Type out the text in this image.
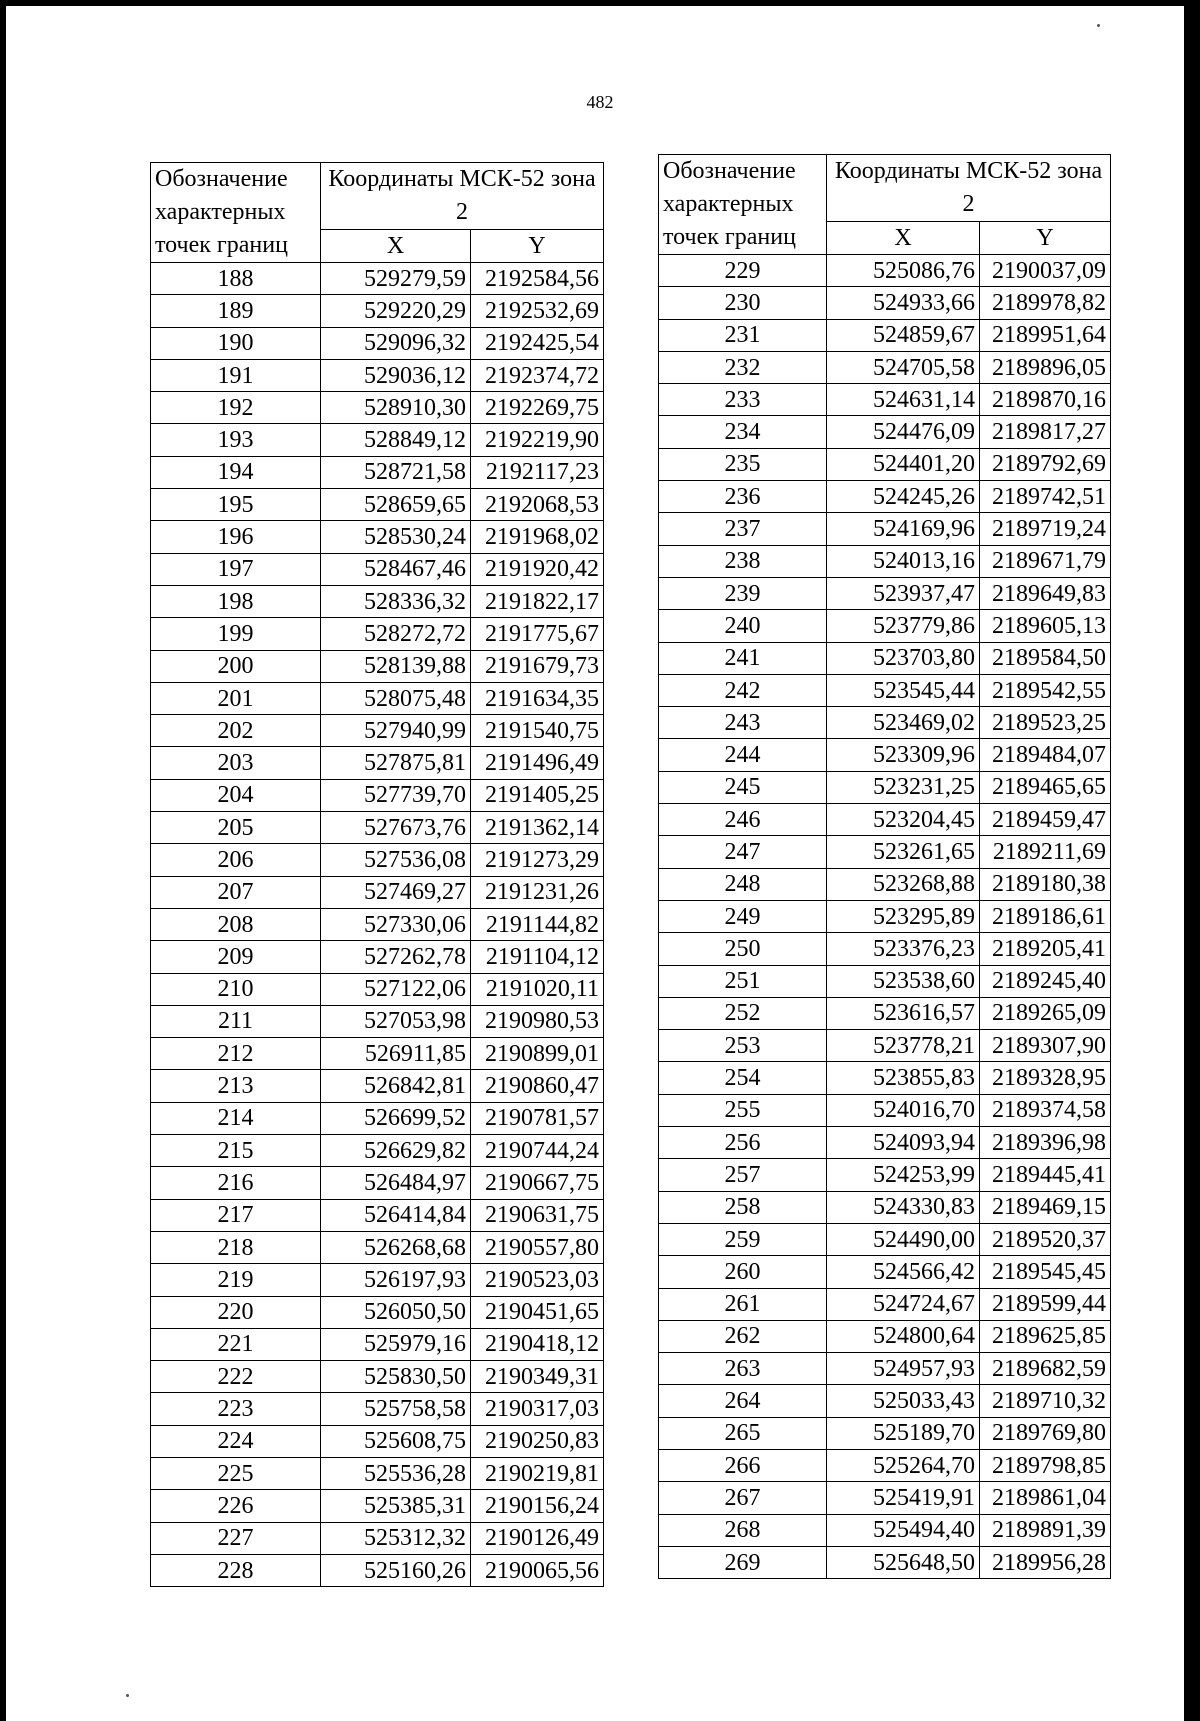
482
Обозначение характерных точек границ	Координаты МСК-52 зона 2	
	X	Y
188	529279,59	2192584,56
189	529220,29	2192532,69
190	529096,32	2192425,54
191	529036,12	2192374,72
192	528910,30	2192269,75
193	528849,12	2192219,90
194	528721,58	2192117,23
195	528659,65	2192068,53
196	528530,24	2191968,02
197	528467,46	2191920,42
198	528336,32	2191822,17
199	528272,72	2191775,67
200	528139,88	2191679,73
201	528075,48	2191634,35
202	527940,99	2191540,75
203	527875,81	2191496,49
204	527739,70	2191405,25
205	527673,76	2191362,14
206	527536,08	2191273,29
207	527469,27	2191231,26
208	527330,06	2191144,82
209	527262,78	2191104,12
210	527122,06	2191020,11
211	527053,98	2190980,53
212	526911,85	2190899,01
213	526842,81	2190860,47
214	526699,52	2190781,57
215	526629,82	2190744,24
216	526484,97	2190667,75
217	526414,84	2190631,75
218	526268,68	2190557,80
219	526197,93	2190523,03
220	526050,50	2190451,65
221	525979,16	2190418,12
222	525830,50	2190349,31
223	525758,58	2190317,03
224	525608,75	2190250,83
225	525536,28	2190219,81
226	525385,31	2190156,24
227	525312,32	2190126,49
228	525160,26	2190065,56
Обозначение характерных точек границ	Координаты МСК-52 зона 2	
	X	Y
229	525086,76	2190037,09
230	524933,66	2189978,82
231	524859,67	2189951,64
232	524705,58	2189896,05
233	524631,14	2189870,16
234	524476,09	2189817,27
235	524401,20	2189792,69
236	524245,26	2189742,51
237	524169,96	2189719,24
238	524013,16	2189671,79
239	523937,47	2189649,83
240	523779,86	2189605,13
241	523703,80	2189584,50
242	523545,44	2189542,55
243	523469,02	2189523,25
244	523309,96	2189484,07
245	523231,25	2189465,65
246	523204,45	2189459,47
247	523261,65	2189211,69
248	523268,88	2189180,38
249	523295,89	2189186,61
250	523376,23	2189205,41
251	523538,60	2189245,40
252	523616,57	2189265,09
253	523778,21	2189307,90
254	523855,83	2189328,95
255	524016,70	2189374,58
256	524093,94	2189396,98
257	524253,99	2189445,41
258	524330,83	2189469,15
259	524490,00	2189520,37
260	524566,42	2189545,45
261	524724,67	2189599,44
262	524800,64	2189625,85
263	524957,93	2189682,59
264	525033,43	2189710,32
265	525189,70	2189769,80
266	525264,70	2189798,85
267	525419,91	2189861,04
268	525494,40	2189891,39
269	525648,50	2189956,28
